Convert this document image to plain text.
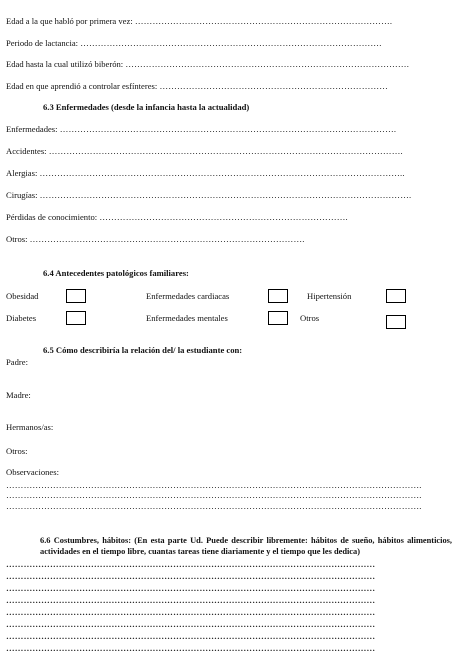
Edad a la que habló por primera vez: …………………………………………………………………………….
Periodo de lactancia: ………………………………………………………………………………………….
Edad hasta la cual utilizó biberón: …………………………………………………………………………………….
Edad en que aprendió a controlar esfínteres: ……………………………………………………………………
6.3 Enfermedades (desde la infancia hasta la actualidad)
Enfermedades: …………………………………………………………………………………………………….
Accidentes: ………………………………………………………………………………………………………….
Alergias: ……………………………………………………………………………………………………………..
Cirugías: ……………………………………………………………………………………………………………….
Pérdidas de conocimiento: ………………………………………………………………………….
Otros: ………………………………………………………………………………….
6.4 Antecedentes patológicos familiares:
Obesidad	Enfermedades cardiacas	Hipertensión
Diabetes	Enfermedades mentales	Otros
6.5 Cómo describiría la relación del/ la estudiante con:
Padre:
Madre:
Hermanos/as:
Otros:
Observaciones:
…………………………………………………………………………………………………………………………….
…………………………………………………………………………………………………………………………….
…………………………………………………………………………………………………………………………….
6.6 Costumbres, hábitos: (En esta parte Ud. Puede describir libremente: hábitos de sueño, hábitos alimenticios, actividades en el tiempo libre, cuantas tareas tiene diariamente y el tiempo que les dedica)
………………………………………………………………………………………………………………
………………………………………………………………………………………………………………
………………………………………………………………………………………………………………
………………………………………………………………………………………………………………
………………………………………………………………………………………………………………
………………………………………………………………………………………………………………
………………………………………………………………………………………………………………
………………………………………………………………………………………………………………
